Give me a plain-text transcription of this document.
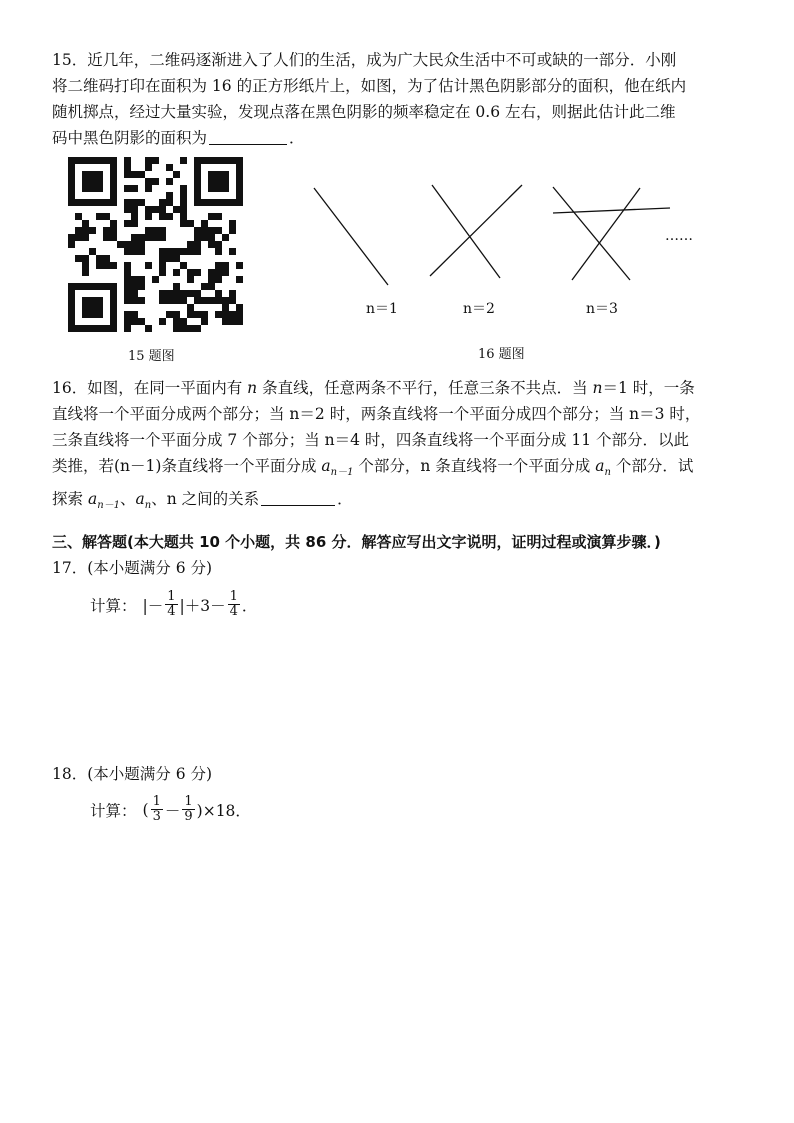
15．近几年，二维码逐渐进入了人们的生活，成为广大民众生活中不可或缺的一部分．小刚
将二维码打印在面积为 16 的正方形纸片上，如图，为了估计黑色阴影部分的面积，他在纸内
随机掷点，经过大量实验，发现点落在黑色阴影的频率稳定在 0.6 左右，则据此估计此二维
码中黑色阴影的面积为	．
15 题图
n＝1	n＝2	n＝3
……
16 题图
16．如图，在同一平面内有 n 条直线，任意两条不平行，任意三条不共点．当 n＝1 时，一条
直线将一个平面分成两个部分；当 n＝2 时，两条直线将一个平面分成四个部分；当 n＝3 时，
三条直线将一个平面分成 7 个部分；当 n＝4 时，四条直线将一个平面分成 11 个部分．以此
类推，若(n－1)条直线将一个平面分成 $a_{n-1}$ 个部分，n 条直线将一个平面分成 $a_n$ 个部分．试
探索 $a_{n-1}$、$a_n$、n 之间的关系	．
三、解答题(本大题共 10 个小题，共 86 分．解答应写出文字说明，证明过程或演算步骤．)
17．(本小题满分 6 分)
计算： |－ $\frac{1}{4} |+3- \frac{1}{4}$ ．
18．(本小题满分 6 分)
计算： ( $\frac{1}{3} - \frac{1}{9} )\times 18$．
